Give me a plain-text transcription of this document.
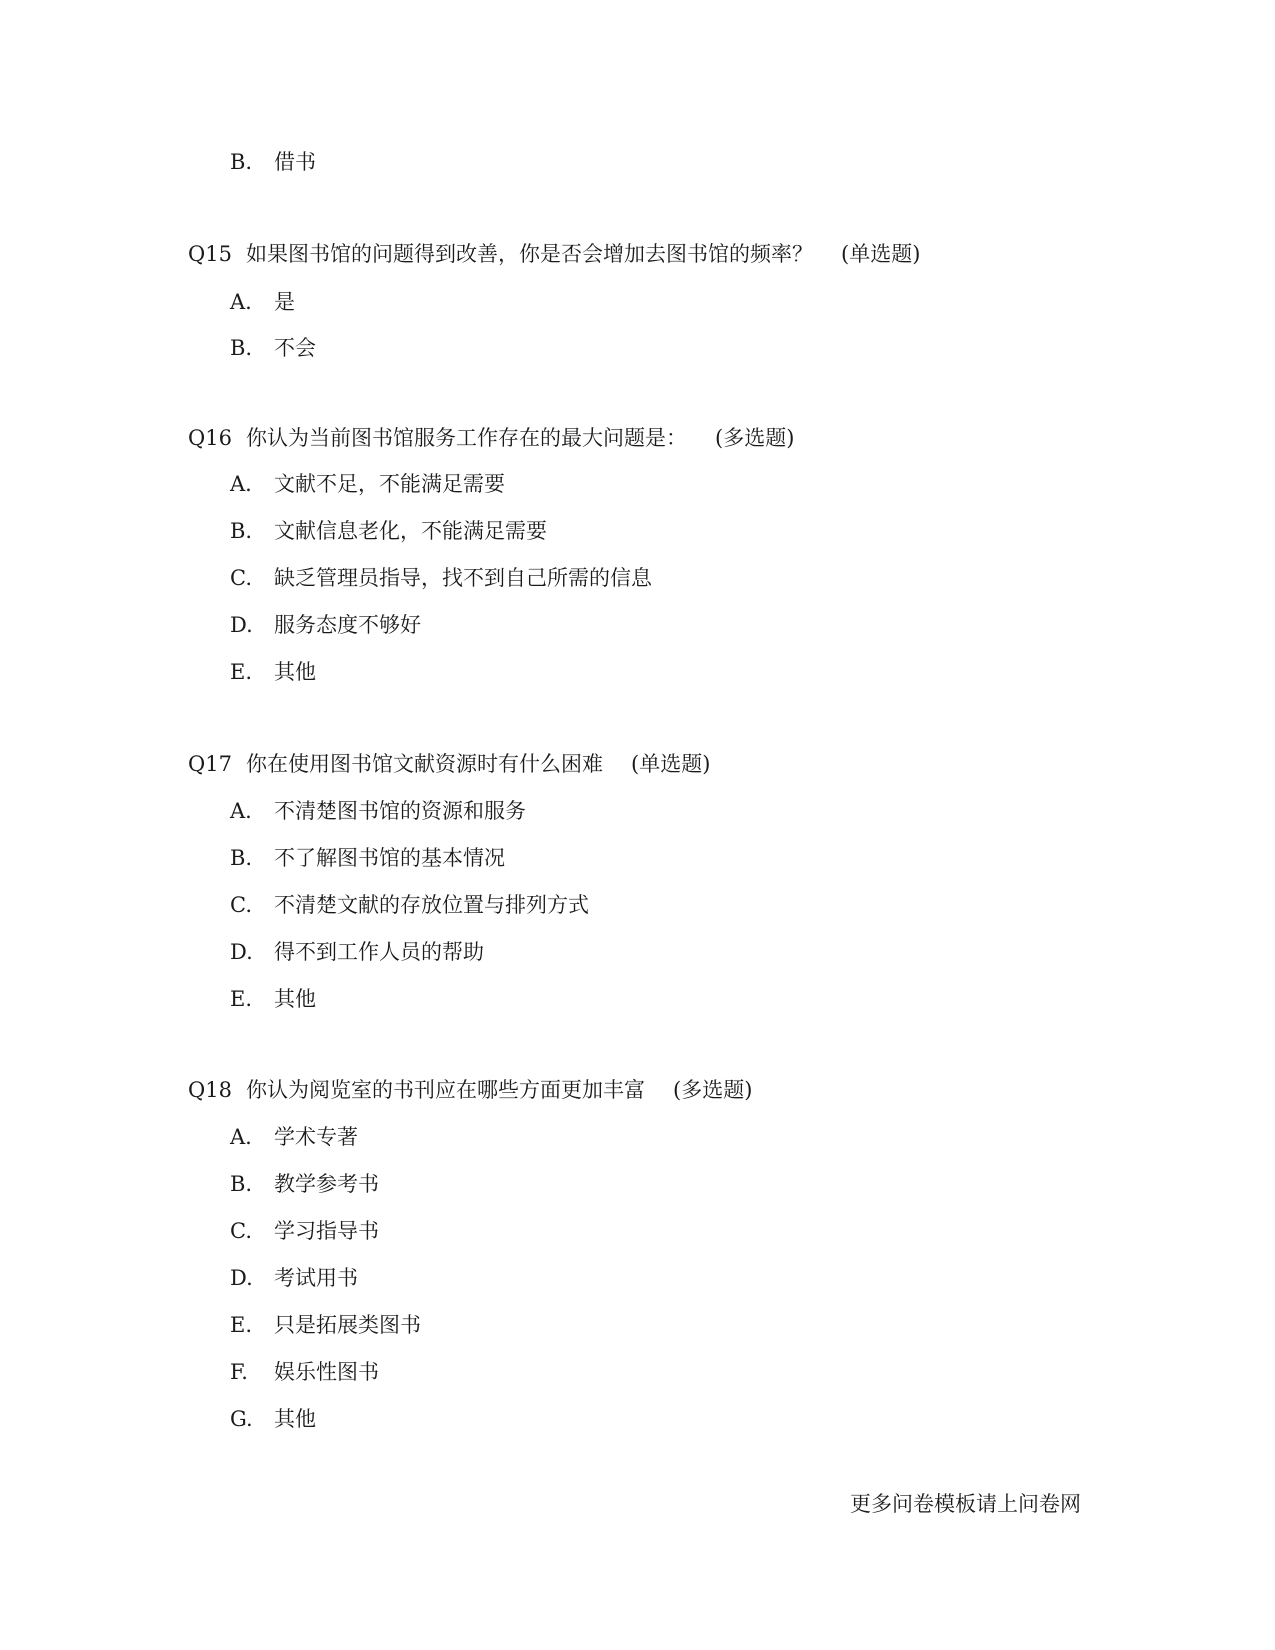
B.	借书
Q15 如果图书馆的问题得到改善，你是否会增加去图书馆的频率？ (单选题)
A.	是
B.	不会
Q16 你认为当前图书馆服务工作存在的最大问题是： (多选题)
A.	文献不足，不能满足需要
B.	文献信息老化，不能满足需要
C.	缺乏管理员指导，找不到自己所需的信息
D.	服务态度不够好
E.	其他
Q17 你在使用图书馆文献资源时有什么困难 (单选题)
A.	不清楚图书馆的资源和服务
B.	不了解图书馆的基本情况
C.	不清楚文献的存放位置与排列方式
D.	得不到工作人员的帮助
E.	其他
Q18 你认为阅览室的书刊应在哪些方面更加丰富 (多选题)
A.	学术专著
B.	教学参考书
C.	学习指导书
D.	考试用书
E.	只是拓展类图书
F.	娱乐性图书
G.	其他
更多问卷模板请上问卷网
